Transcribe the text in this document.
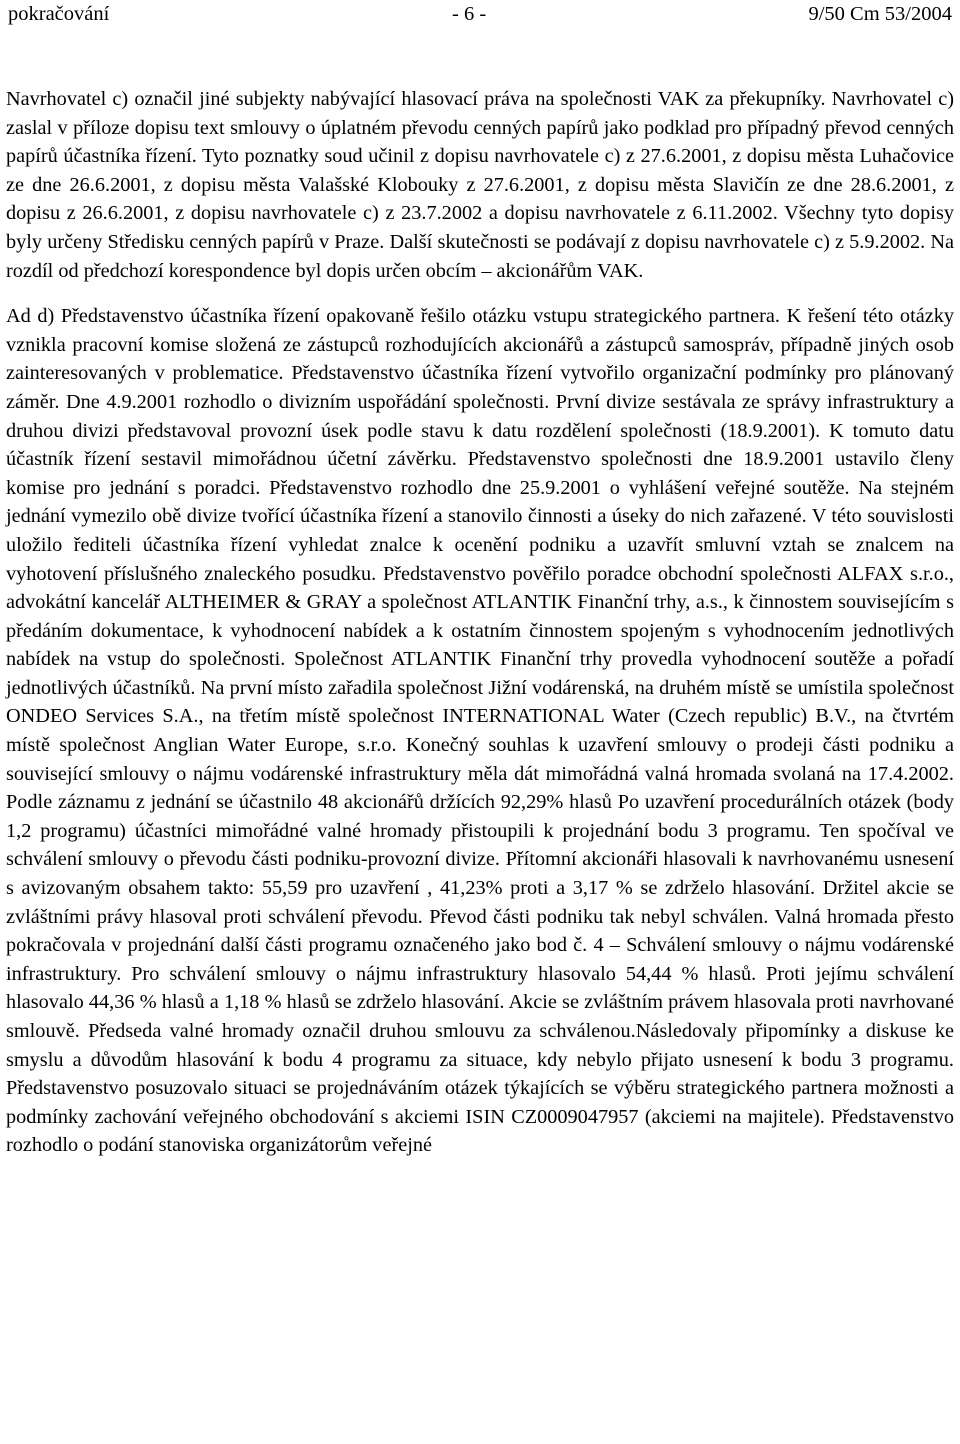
pokračování	- 6 -	9/50 Cm 53/2004

Navrhovatel c) označil jiné subjekty nabývající hlasovací práva na společnosti VAK za překupníky. Navrhovatel c) zaslal v příloze dopisu text smlouvy o úplatném převodu cenných papírů jako podklad pro případný převod cenných papírů účastníka řízení. Tyto poznatky soud učinil z dopisu navrhovatele c) z 27.6.2001, z dopisu města Luhačovice ze dne 26.6.2001, z dopisu města Valašské Klobouky z 27.6.2001, z dopisu města Slavičín ze dne 28.6.2001, z dopisu z 26.6.2001, z dopisu navrhovatele c) z 23.7.2002 a dopisu navrhovatele z 6.11.2002. Všechny tyto dopisy byly určeny Středisku cenných papírů v Praze. Další skutečnosti se podávají z dopisu navrhovatele c) z 5.9.2002. Na rozdíl od předchozí korespondence byl dopis určen obcím – akcionářům VAK.

Ad d) Představenstvo účastníka řízení opakovaně řešilo otázku vstupu strategického partnera. K řešení této otázky vznikla pracovní komise složená ze zástupců rozhodujících akcionářů a zástupců samospráv, případně jiných osob zainteresovaných v problematice. Představenstvo účastníka řízení vytvořilo organizační podmínky pro plánovaný záměr. Dne 4.9.2001 rozhodlo o divizním uspořádání společnosti. První divize sestávala ze správy infrastruktury a druhou divizi představoval provozní úsek podle stavu k datu rozdělení společnosti (18.9.2001). K tomuto datu účastník řízení sestavil mimořádnou účetní závěrku. Představenstvo společnosti dne 18.9.2001 ustavilo členy komise pro jednání s poradci. Představenstvo rozhodlo dne 25.9.2001 o vyhlášení veřejné soutěže. Na stejném jednání vymezilo obě divize tvořící účastníka řízení a stanovilo činnosti a úseky do nich zařazené. V této souvislosti uložilo řediteli účastníka řízení vyhledat znalce k ocenění podniku a uzavřít smluvní vztah se znalcem na vyhotovení příslušného znaleckého posudku. Představenstvo pověřilo poradce obchodní společnosti ALFAX s.r.o., advokátní kancelář ALTHEIMER & GRAY a společnost ATLANTIK Finanční trhy, a.s., k činnostem souvisejícím s předáním dokumentace, k vyhodnocení nabídek a k ostatním činnostem spojeným s vyhodnocením jednotlivých nabídek na vstup do společnosti. Společnost ATLANTIK Finanční trhy provedla vyhodnocení soutěže a pořadí jednotlivých účastníků. Na první místo zařadila společnost Jižní vodárenská, na druhém místě se umístila společnost ONDEO Services S.A., na třetím místě společnost INTERNATIONAL Water (Czech republic) B.V., na čtvrtém místě společnost Anglian Water Europe, s.r.o. Konečný souhlas k uzavření smlouvy o prodeji části podniku a související smlouvy o nájmu vodárenské infrastruktury měla dát mimořádná valná hromada svolaná na 17.4.2002. Podle záznamu z jednání se účastnilo 48 akcionářů držících 92,29% hlasů Po uzavření procedurálních otázek (body 1,2 programu) účastníci mimořádné valné hromady přistoupili k projednání bodu 3 programu. Ten spočíval ve schválení smlouvy o převodu části podniku-provozní divize. Přítomní akcionáři hlasovali k navrhovanému usnesení s avizovaným obsahem takto: 55,59 pro uzavření , 41,23% proti a 3,17 % se zdrželo hlasování. Držitel akcie se zvláštními právy hlasoval proti schválení převodu. Převod části podniku tak nebyl schválen. Valná hromada přesto pokračovala v projednání další části programu označeného jako bod č. 4 – Schválení smlouvy o nájmu vodárenské infrastruktury. Pro schválení smlouvy o nájmu infrastruktury hlasovalo 54,44 % hlasů. Proti jejímu schválení hlasovalo 44,36 % hlasů a 1,18 % hlasů se zdrželo hlasování. Akcie se zvláštním právem hlasovala proti navrhované smlouvě. Předseda valné hromady označil druhou smlouvu za schválenou.Následovaly připomínky a diskuse ke smyslu a důvodům hlasování k bodu 4 programu za situace, kdy nebylo přijato usnesení k bodu 3 programu. Představenstvo posuzovalo situaci se projednáváním otázek týkajících se výběru strategického partnera možnosti a podmínky zachování veřejného obchodování s akciemi ISIN CZ0009047957 (akciemi na majitele). Představenstvo rozhodlo o podání stanoviska organizátorům veřejné
